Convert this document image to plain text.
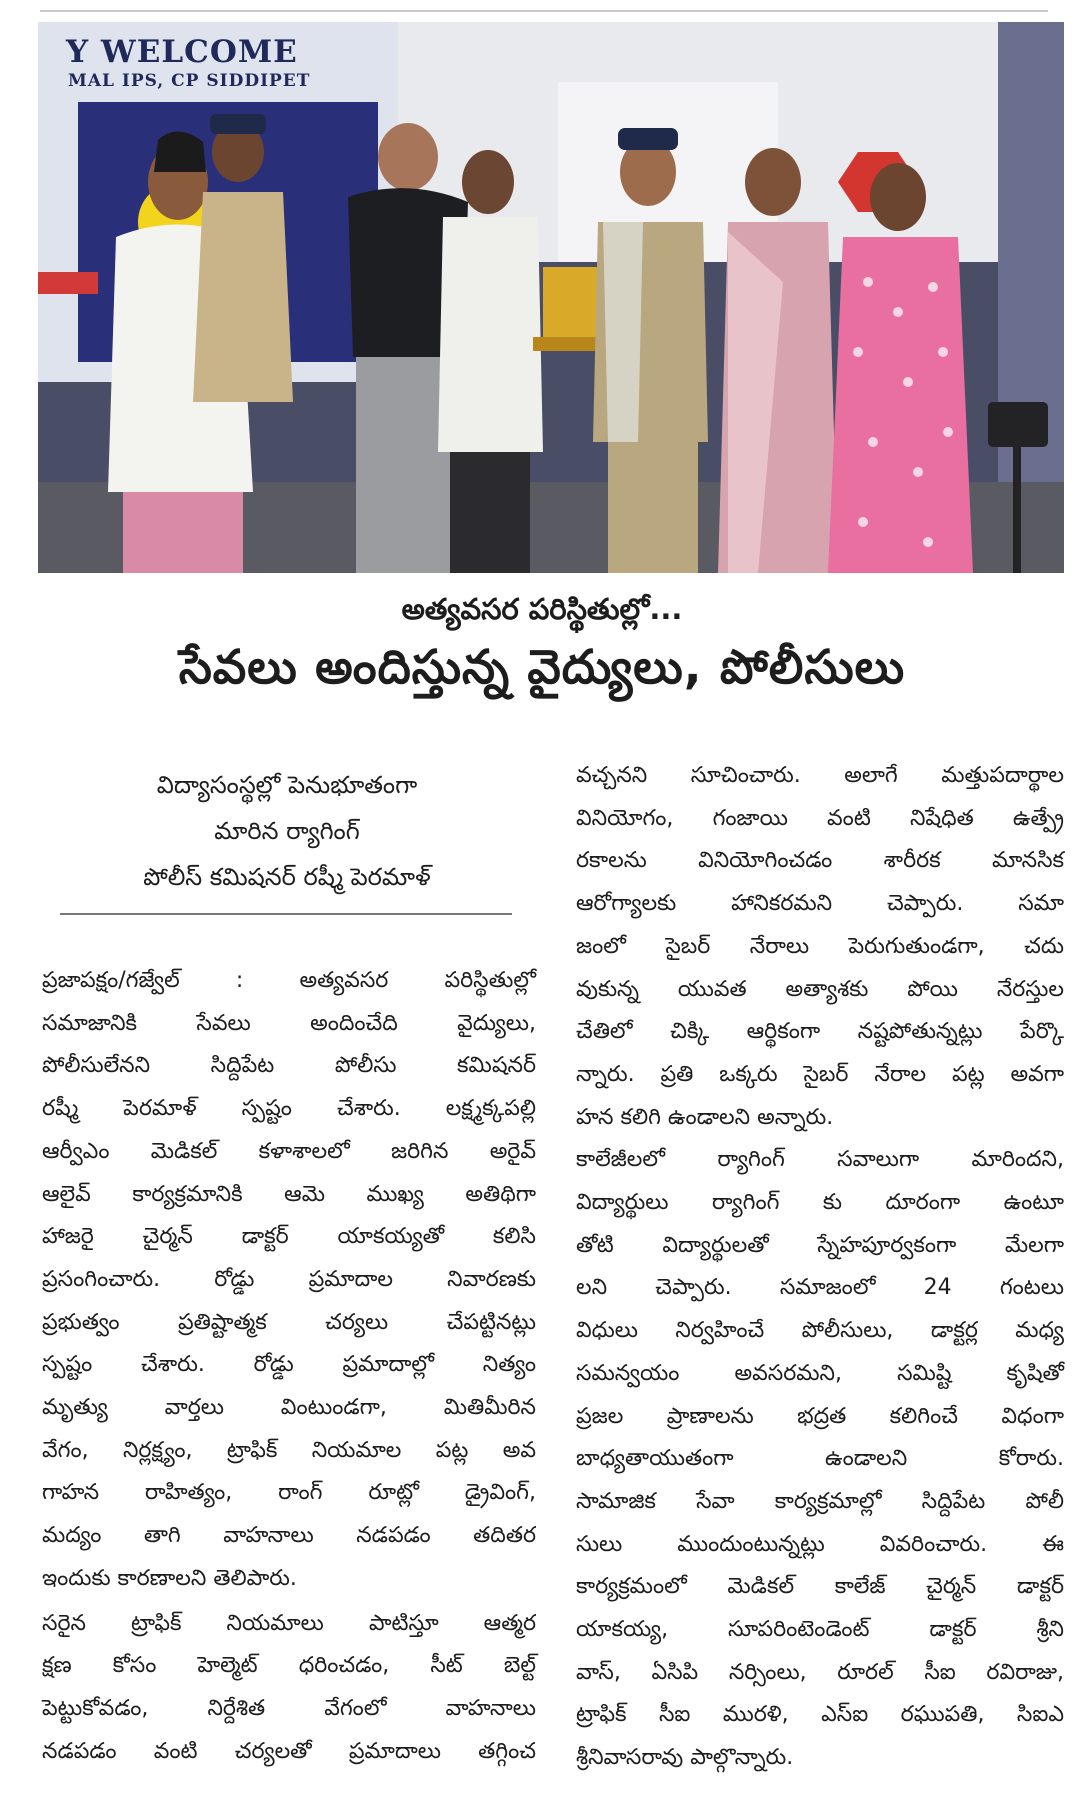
Y WELCOME
MAL IPS, CP SIDDIPET
అత్యవసర పరిస్థితుల్లో...
సేవలు అందిస్తున్న వైద్యులు, పోలీసులు
విద్యాసంస్థల్లో పెనుభూతంగా
మారిన ర్యాగింగ్
పోలీస్ కమిషనర్ రష్మీ పెరమాళ్
ప్రజాపక్షం/గజ్వేల్ : అత్యవసర పరిస్థితుల్లో
సమాజానికి సేవలు అందించేది వైద్యులు,
పోలీసులేనని సిద్దిపేట పోలీసు కమిషనర్
రష్మీ పెరమాళ్ స్పష్టం చేశారు. లక్ష్మక్కపల్లి
ఆర్వీఎం మెడికల్ కళాశాలలో జరిగిన అరైవ్
ఆలైవ్ కార్యక్రమానికి ఆమె ముఖ్య అతిథిగా
హాజరై చైర్మన్ డాక్టర్ యాకయ్యతో కలిసి
ప్రసంగించారు. రోడ్డు ప్రమాదాల నివారణకు
ప్రభుత్వం ప్రతిష్టాత్మక చర్యలు చేపట్టినట్లు
స్పష్టం చేశారు. రోడ్డు ప్రమాదాల్లో నిత్యం
మృత్యు వార్తలు వింటుండగా, మితిమీరిన
వేగం, నిర్లక్ష్యం, ట్రాఫిక్ నియమాల పట్ల అవ
గాహన రాహిత్యం, రాంగ్ రూట్లో డ్రైవింగ్,
మద్యం తాగి వాహనాలు నడపడం తదితర
ఇందుకు కారణాలని తెలిపారు.
సరైన ట్రాఫిక్ నియమాలు పాటిస్తూ ఆత్మర
క్షణ కోసం హెల్మెట్ ధరించడం, సీట్ బెల్ట్
పెట్టుకోవడం, నిర్దేశిత వేగంలో వాహనాలు
నడపడం వంటి చర్యలతో ప్రమాదాలు తగ్గించ
వచ్చనని సూచించారు. అలాగే మత్తుపదార్థాల
వినియోగం, గంజాయి వంటి నిషేధిత ఉత్ప్రే
రకాలను వినియోగించడం శారీరక మానసిక
ఆరోగ్యాలకు హానికరమని చెప్పారు. సమా
జంలో సైబర్ నేరాలు పెరుగుతుండగా, చదు
వుకున్న యువత అత్యాశకు పోయి నేరస్తుల
చేతిలో చిక్కి ఆర్థికంగా నష్టపోతున్నట్లు పేర్కొ
న్నారు. ప్రతి ఒక్కరు సైబర్ నేరాల పట్ల అవగా
హన కలిగి ఉండాలని అన్నారు.
కాలేజీలలో ర్యాగింగ్ సవాలుగా మారిందని,
విద్యార్థులు ర్యాగింగ్ కు దూరంగా ఉంటూ
తోటి విద్యార్థులతో స్నేహపూర్వకంగా మేలగా
లని చెప్పారు. సమాజంలో 24 గంటలు
విధులు నిర్వహించే పోలీసులు, డాక్టర్ల మధ్య
సమన్వయం అవసరమని, సమిష్టి కృషితో
ప్రజల ప్రాణాలను భద్రత కలిగించే విధంగా
బాధ్యతాయుతంగా ఉండాలని కోరారు.
సామాజిక సేవా కార్యక్రమాల్లో సిద్దిపేట పోలీ
సులు ముందుంటున్నట్లు వివరించారు. ఈ
కార్యక్రమంలో మెడికల్ కాలేజ్ చైర్మన్ డాక్టర్
యాకయ్య, సూపరింటెండెంట్ డాక్టర్ శ్రీని
వాస్, ఏసిపి నర్సింలు, రూరల్ సీఐ రవిరాజు,
ట్రాఫిక్ సీఐ మురళి, ఎస్ఐ రఘుపతి, సిఐఎ
శ్రీనివాసరావు పాల్గొన్నారు.
